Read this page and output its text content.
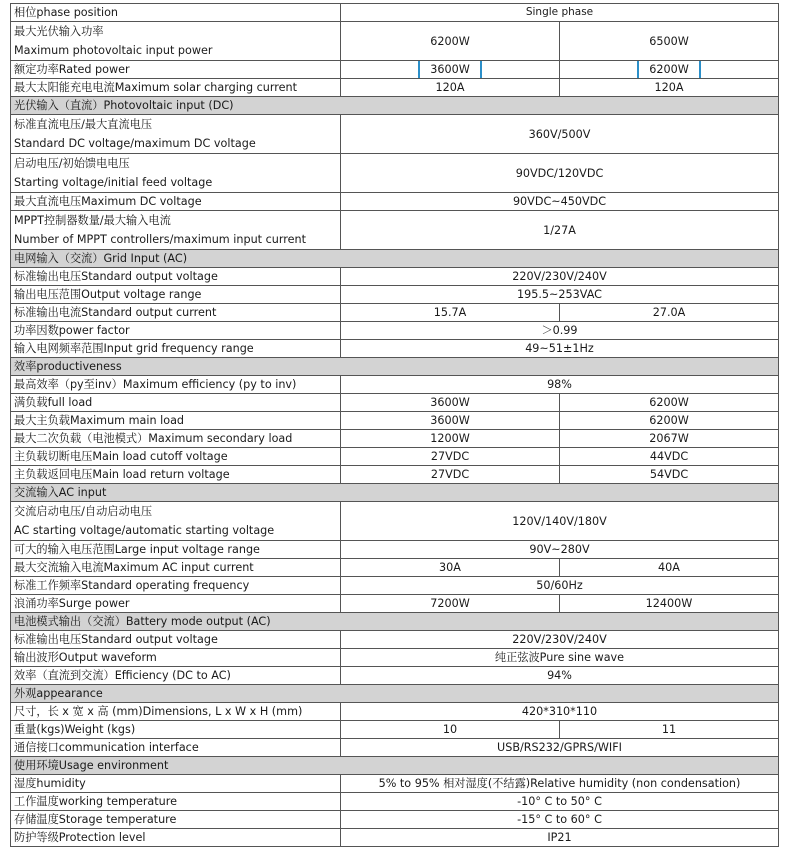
相位phase position	Single phase	
最大光伏输入功率
Maximum photovoltaic input power	6200W	6500W
额定功率Rated power	3600W	6200W
最大太阳能充电电流Maximum solar charging current	120A	120A
光伏输入（直流）Photovoltaic input (DC)		
标准直流电压/最大直流电压
Standard DC voltage/maximum DC voltage	360V/500V	
启动电压/初始馈电电压
Starting voltage/initial feed voltage	90VDC/120VDC	
最大直流电压Maximum DC voltage	90VDC~450VDC	
MPPT控制器数量/最大输入电流
Number of MPPT controllers/maximum input current	1/27A	
电网输入（交流）Grid Input (AC)		
标准输出电压Standard output voltage	220V/230V/240V	
输出电压范围Output voltage range	195.5~253VAC	
标准输出电流Standard output current	15.7A	27.0A
功率因数power factor	＞0.99	
输入电网频率范围Input grid frequency range	49~51±1Hz	
效率productiveness		
最高效率（py至inv）Maximum efficiency (py to inv)	98%	
满负载full load	3600W	6200W
最大主负载Maximum main load	3600W	6200W
最大二次负载（电池模式）Maximum secondary load	1200W	2067W
主负载切断电压Main load cutoff voltage	27VDC	44VDC
主负载返回电压Main load return voltage	27VDC	54VDC
交流输入AC input		
交流启动电压/自动启动电压
AC starting voltage/automatic starting voltage	120V/140V/180V	
可大的输入电压范围Large input voltage range	90V~280V	
最大交流输入电流Maximum AC input current	30A	40A
标准工作频率Standard operating frequency	50/60Hz	
浪涌功率Surge power	7200W	12400W
电池模式输出（交流）Battery mode output (AC)		
标准输出电压Standard output voltage	220V/230V/240V	
输出波形Output waveform	纯正弦波Pure sine wave	
效率（直流到交流）Efficiency (DC to AC)	94%	
外观appearance		
尺寸，长 x 宽 x 高 (mm)Dimensions, L x W x H (mm)	420*310*110	
重量(kgs)Weight (kgs)	10	11
通信接口communication interface	USB/RS232/GPRS/WIFI	
使用环境Usage environment		
湿度humidity	5% to 95% 相对湿度(不结露)Relative humidity (non condensation)	
工作温度working temperature	-10° C to 50° C	
存储温度Storage temperature	-15° C to 60° C	
防护等级Protection level	IP21	
